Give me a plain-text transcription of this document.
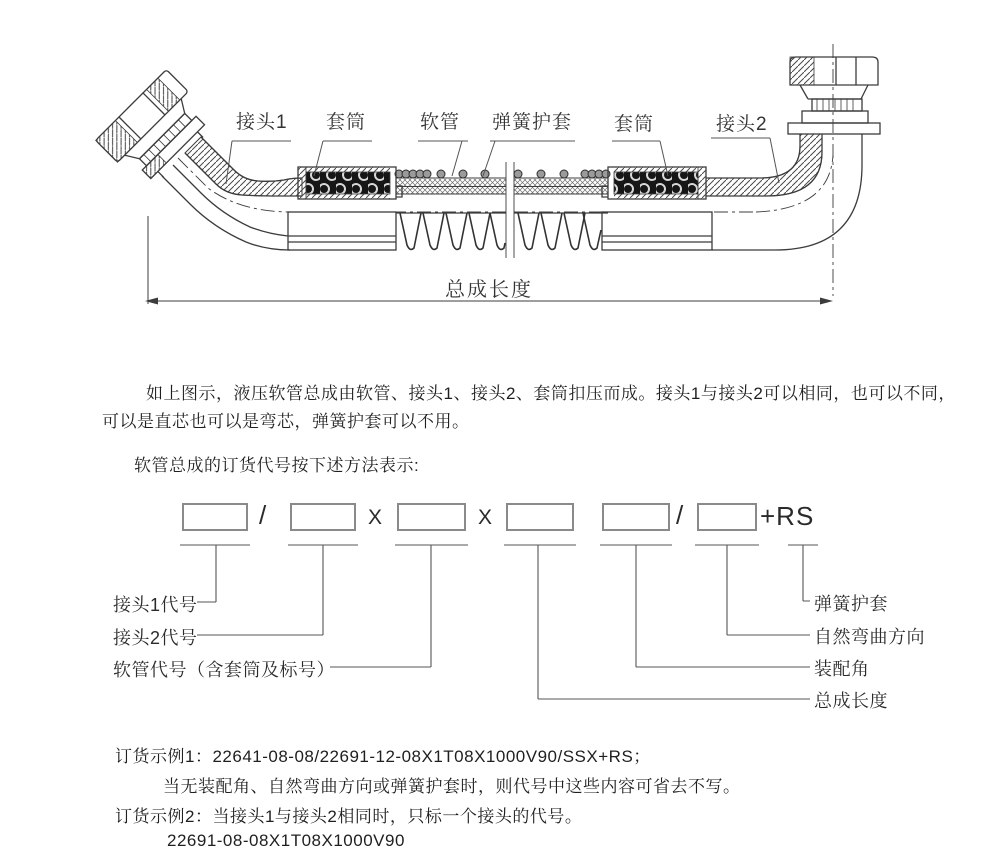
接头1 套筒	软管 弹簧护套 套筒	接头2
总成长度
如上图示，液压软管总成由软管、接头1、接头2、套筒扣压而成。接头1与接头2可以相同，也可以不同，
可以是直芯也可以是弯芯，弹簧护套可以不用。
软管总成的订货代号按下述方法表示:
/	X	X	/	+RS
接头1代号
接头2代号
软管代号（含套筒及标号）
弹簧护套
自然弯曲方向
装配角
总成长度
订货示例1：22641-08-08/22691-12-08X1T08X1000V90/SSX+RS；
当无装配角、自然弯曲方向或弹簧护套时，则代号中这些内容可省去不写。
订货示例2：当接头1与接头2相同时，只标一个接头的代号。
22691-08-08X1T08X1000V90
